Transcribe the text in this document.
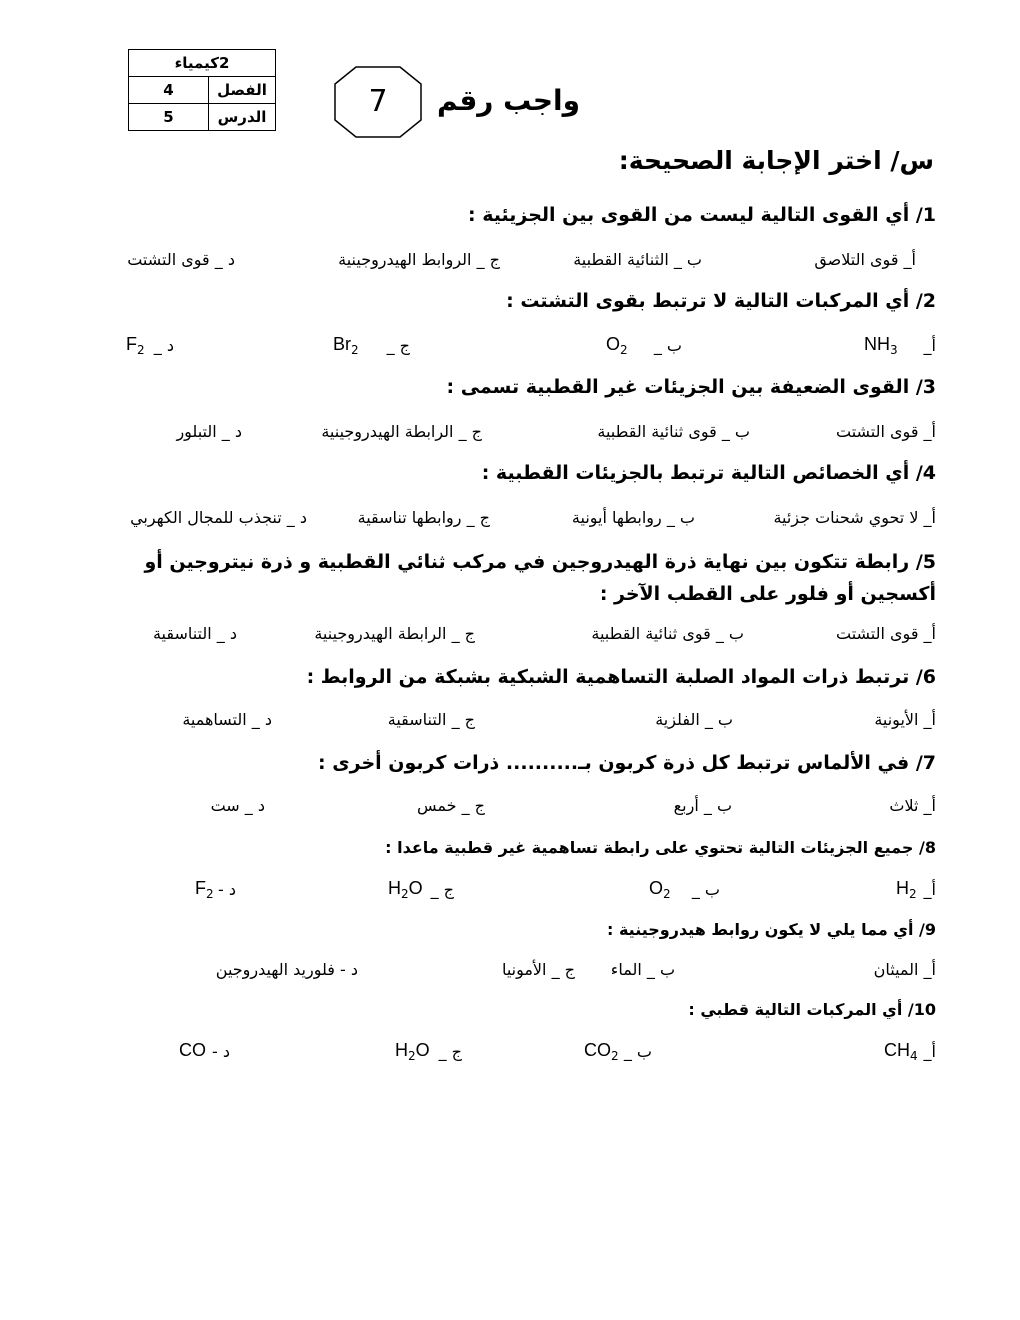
2كيمياء	
الفصل	4
الدرس	5	7	واجب رقم
س/ اختر الإجابة الصحيحة:
1/ أي القوى التالية ليست من القوى بين الجزيئية :
أ_ قوى التلاصق
ب _ الثنائية القطبية
ج _ الروابط الهيدروجينية
د _ قوى التشتت
2/ أي المركبات التالية لا ترتبط بقوى التشتت :
أ_
$NH_3$
ب _
$O_2$
ج _
$Br_2$
د _
$F_2$
3/ القوى الضعيفة بين الجزيئات غير القطبية تسمى :
أ_ قوى التشتت
ب _ قوى ثنائية القطبية
ج _ الرابطة الهيدروجينية
د _ التبلور
4/ أي الخصائص التالية ترتبط بالجزيئات القطبية :
أ_ لا تحوي شحنات جزئية
ب _ روابطها أيونية
ج _ روابطها تناسقية
د _ تنجذب للمجال الكهربي
5/ رابطة تتكون بين نهاية ذرة الهيدروجين في مركب ثنائي القطبية و ذرة نيتروجين أو أكسجين أو فلور على القطب الآخر :
أ_ قوى التشتت
ب _ قوى ثنائية القطبية
ج _ الرابطة الهيدروجينية
د _ التناسقية
6/ ترتبط ذرات المواد الصلبة التساهمية الشبكية بشبكة من الروابط :
أ_ الأيونية
ب _ الفلزية
ج _ التناسقية
د _ التساهمية
7/ في الألماس ترتبط كل ذرة كربون بـ.......... ذرات كربون أخرى :
أ_ ثلاث
ب _ أربع
ج _ خمس
د _ ست
8/ جميع الجزيئات التالية تحتوي على رابطة تساهمية غير قطبية ماعدا :
أ_
$H_2$
ب _
$O_2$
ج _
$H_2O$
د -
$F_2$
9/ أي مما يلي لا يكون روابط هيدروجينية :
أ_ الميثان
ب _ الماء
ج _ الأمونيا
د - فلوريد الهيدروجين
10/ أي المركبات التالية قطبي :
أ_
$CH_4$
ب _
$CO_2$
ج _
$H_2O$
د -
CO
